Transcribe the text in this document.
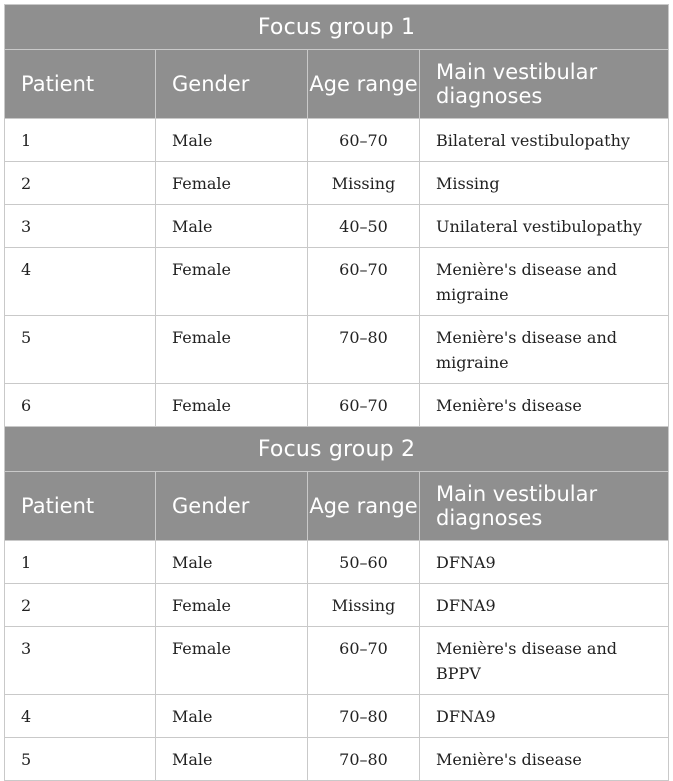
Focus group 1			
Patient	Gender	Age range	Main vestibular diagnoses
1	Male	60–70	Bilateral vestibulopathy
2	Female	Missing	Missing
3	Male	40–50	Unilateral vestibulopathy
4	Female	60–70	Menière's disease and migraine
5	Female	70–80	Menière's disease and migraine
6	Female	60–70	Menière's disease
Focus group 2			
Patient	Gender	Age range	Main vestibular diagnoses
1	Male	50–60	DFNA9
2	Female	Missing	DFNA9
3	Female	60–70	Menière's disease and BPPV
4	Male	70–80	DFNA9
5	Male	70–80	Menière's disease
